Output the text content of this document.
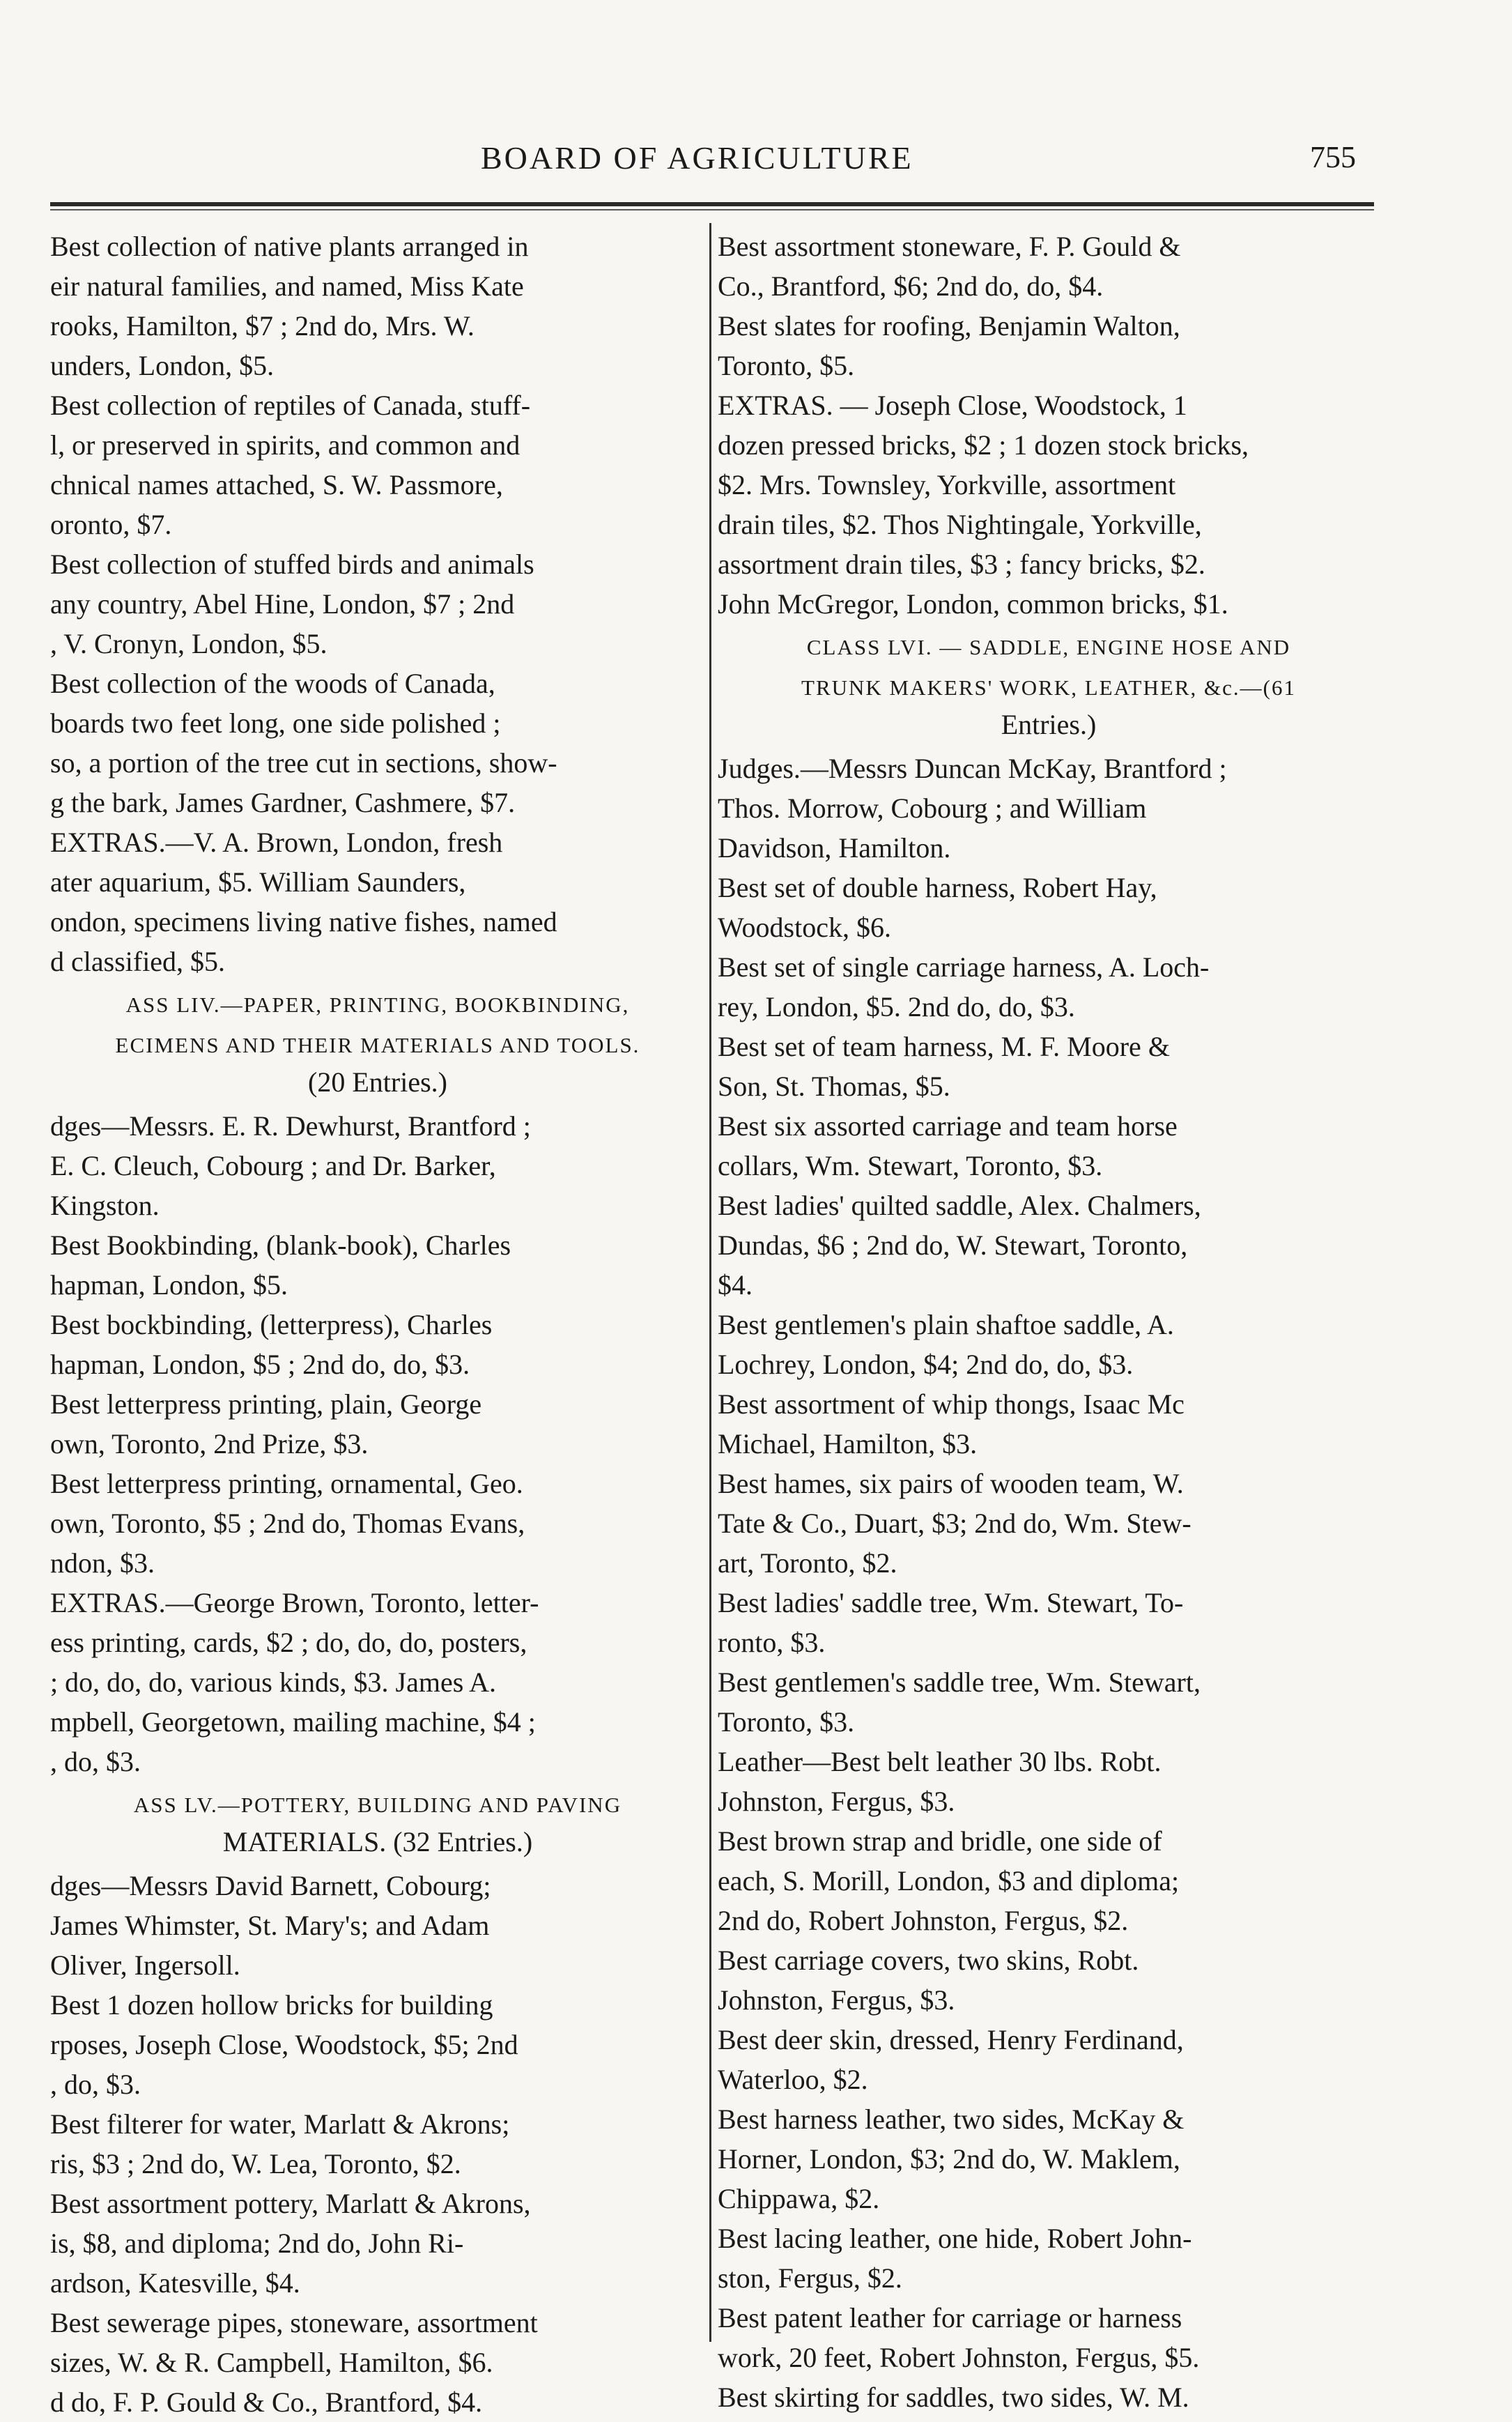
BOARD OF AGRICULTURE	755
Best collection of native plants arranged in
eir natural families, and named, Miss Kate
rooks, Hamilton, $7 ; 2nd do, Mrs. W.
unders, London, $5.
Best collection of reptiles of Canada, stuff-
l, or preserved in spirits, and common and
chnical names attached, S. W. Passmore,
oronto, $7.
Best collection of stuffed birds and animals
any country, Abel Hine, London, $7 ; 2nd
, V. Cronyn, London, $5.
Best collection of the woods of Canada,
boards two feet long, one side polished ;
so, a portion of the tree cut in sections, show-
g the bark, James Gardner, Cashmere, $7.
EXTRAS.—V. A. Brown, London, fresh
ater aquarium, $5. William Saunders,
ondon, specimens living native fishes, named
d classified, $5.
ASS LIV.—PAPER, PRINTING, BOOKBINDING,
ECIMENS AND THEIR MATERIALS AND TOOLS.
(20 Entries.)
dges—Messrs. E. R. Dewhurst, Brantford ;
E. C. Cleuch, Cobourg ; and Dr. Barker,
Kingston.
Best Bookbinding, (blank-book), Charles
hapman, London, $5.
Best bockbinding, (letterpress), Charles
hapman, London, $5 ; 2nd do, do, $3.
Best letterpress printing, plain, George
own, Toronto, 2nd Prize, $3.
Best letterpress printing, ornamental, Geo.
own, Toronto, $5 ; 2nd do, Thomas Evans,
ndon, $3.
EXTRAS.—George Brown, Toronto, letter-
ess printing, cards, $2 ; do, do, do, posters,
; do, do, do, various kinds, $3. James A.
mpbell, Georgetown, mailing machine, $4 ;
, do, $3.
ASS LV.—POTTERY, BUILDING AND PAVING
MATERIALS. (32 Entries.)
dges—Messrs David Barnett, Cobourg;
James Whimster, St. Mary's; and Adam
Oliver, Ingersoll.
Best 1 dozen hollow bricks for building
rposes, Joseph Close, Woodstock, $5; 2nd
, do, $3.
Best filterer for water, Marlatt & Akrons;
ris, $3 ; 2nd do, W. Lea, Toronto, $2.
Best assortment pottery, Marlatt & Akrons,
is, $8, and diploma; 2nd do, John Ri-
ardson, Katesville, $4.
Best sewerage pipes, stoneware, assortment
sizes, W. & R. Campbell, Hamilton, $6.
d do, F. P. Gould & Co., Brantford, $4.
Best assortment stoneware, F. P. Gould &
Co., Brantford, $6; 2nd do, do, $4.
Best slates for roofing, Benjamin Walton,
Toronto, $5.
EXTRAS. — Joseph Close, Woodstock, 1
dozen pressed bricks, $2 ; 1 dozen stock bricks,
$2. Mrs. Townsley, Yorkville, assortment
drain tiles, $2. Thos Nightingale, Yorkville,
assortment drain tiles, $3 ; fancy bricks, $2.
John McGregor, London, common bricks, $1.
CLASS LVI. — SADDLE, ENGINE HOSE AND
TRUNK MAKERS' WORK, LEATHER, &c.—(61
Entries.)
Judges.—Messrs Duncan McKay, Brantford ;
Thos. Morrow, Cobourg ; and William
Davidson, Hamilton.
Best set of double harness, Robert Hay,
Woodstock, $6.
Best set of single carriage harness, A. Loch-
rey, London, $5. 2nd do, do, $3.
Best set of team harness, M. F. Moore &
Son, St. Thomas, $5.
Best six assorted carriage and team horse
collars, Wm. Stewart, Toronto, $3.
Best ladies' quilted saddle, Alex. Chalmers,
Dundas, $6 ; 2nd do, W. Stewart, Toronto,
$4.
Best gentlemen's plain shaftoe saddle, A.
Lochrey, London, $4; 2nd do, do, $3.
Best assortment of whip thongs, Isaac Mc
Michael, Hamilton, $3.
Best hames, six pairs of wooden team, W.
Tate & Co., Duart, $3; 2nd do, Wm. Stew-
art, Toronto, $2.
Best ladies' saddle tree, Wm. Stewart, To-
ronto, $3.
Best gentlemen's saddle tree, Wm. Stewart,
Toronto, $3.
Leather—Best belt leather 30 lbs. Robt.
Johnston, Fergus, $3.
Best brown strap and bridle, one side of
each, S. Morill, London, $3 and diploma;
2nd do, Robert Johnston, Fergus, $2.
Best carriage covers, two skins, Robt.
Johnston, Fergus, $3.
Best deer skin, dressed, Henry Ferdinand,
Waterloo, $2.
Best harness leather, two sides, McKay &
Horner, London, $3; 2nd do, W. Maklem,
Chippawa, $2.
Best lacing leather, one hide, Robert John-
ston, Fergus, $2.
Best patent leather for carriage or harness
work, 20 feet, Robert Johnston, Fergus, $5.
Best skirting for saddles, two sides, W. M.
